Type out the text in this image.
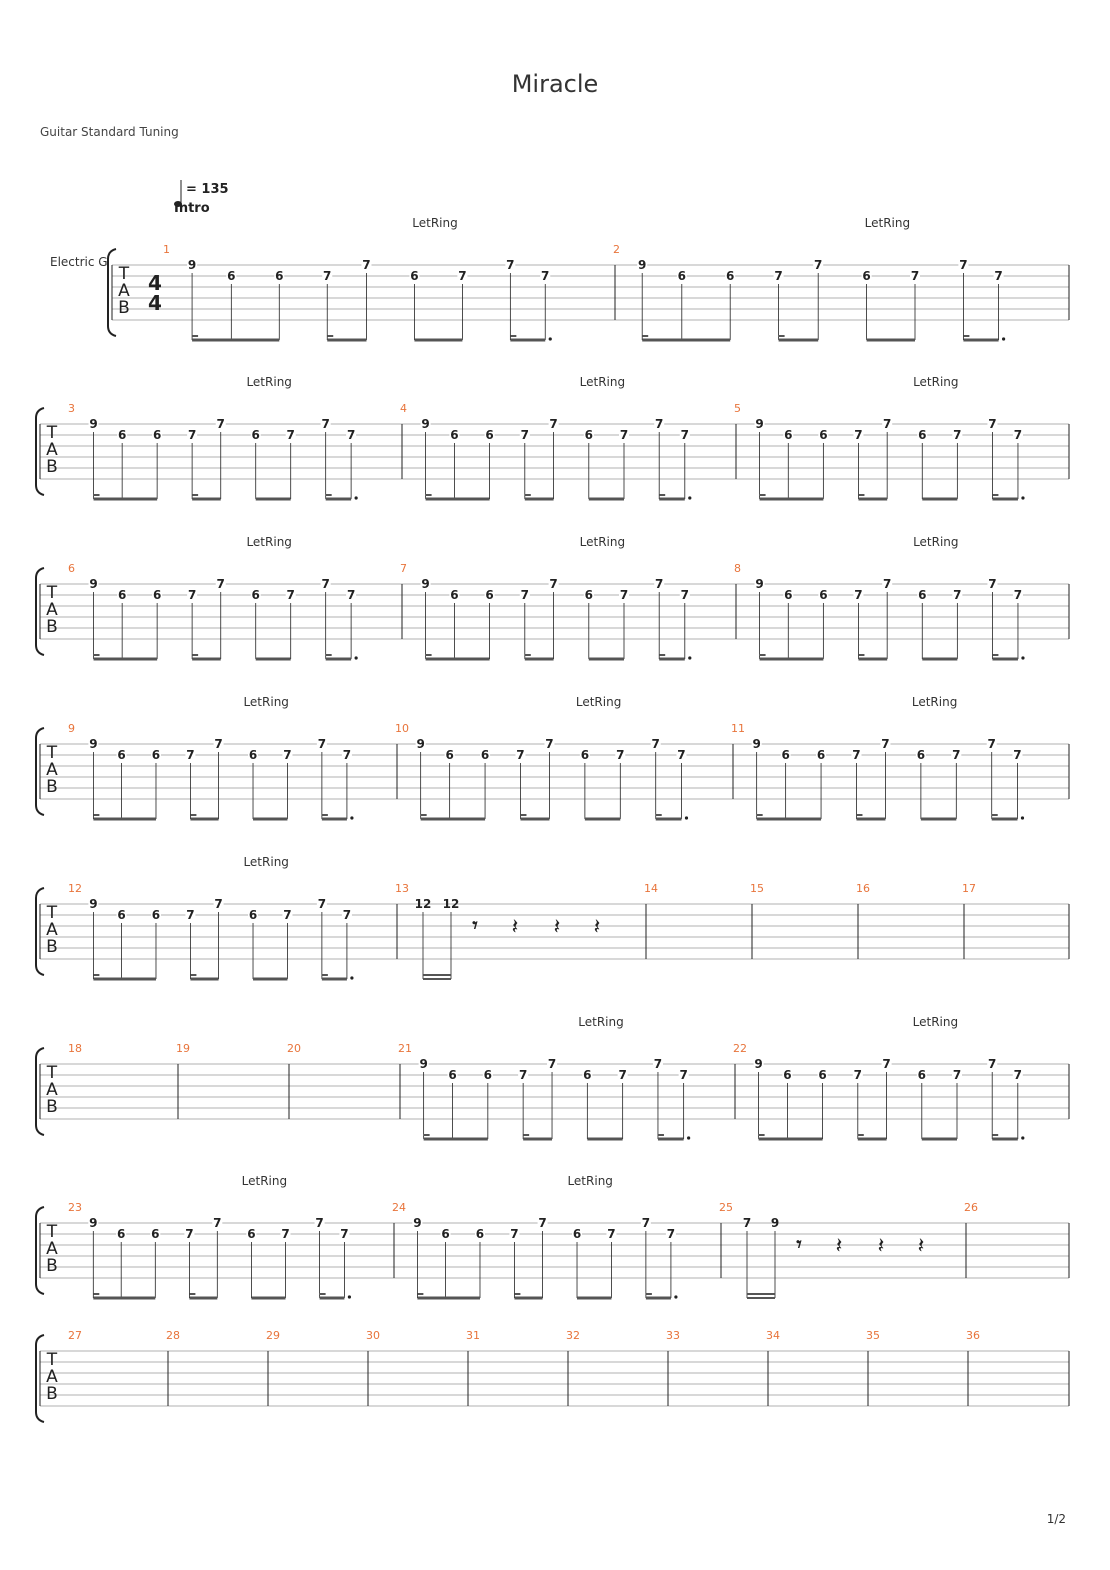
Miracle
Guitar Standard Tuning
T
A
B
Electric G
4
4
= 135
Intro
1
LetRing
9
6	6	7
7
6	7
7
7
2
LetRing
9
6	6	7
7
6	7
7
7
T
A
B
3
LetRing
9
6 6 7
7
6 7
7
7
4
LetRing
9
6 6 7
7
6 7
7
7
5
LetRing
9
6 6 7
7
6 7
7
7
T
A
B
6
LetRing
9
6 6 7
7
6 7
7
7
7
LetRing
9
6 6 7
7
6 7
7
7
8
LetRing
9
6 6 7
7
6 7
7
7
T
A
B
9
LetRing
9
6 6 7
7
6 7
7
7
10
LetRing
9
6 6 7
7
6 7
7
7
11
LetRing
9
6 6 7
7
6 7
7
7
T
A
B
12
LetRing
9
6 6 7
7
6 7
7
7
13
12 12
𝄾 𝄽 𝄽 𝄽
14	15	16	17
T
A
B
18	19	20	21
LetRing
9
6 6 7
7
6 7
7
7
22
LetRing
9
6 6 7
7
6 7
7
7
T
A
B
23
LetRing
9
6 6 7
7
6 7
7
7
24
LetRing
9
6 6 7
7
6 7
7
7
25
7 9
𝄾 𝄽 𝄽 𝄽
26
T
A
B
27	28	29	30	31	32	33	34	35	36
1/2
